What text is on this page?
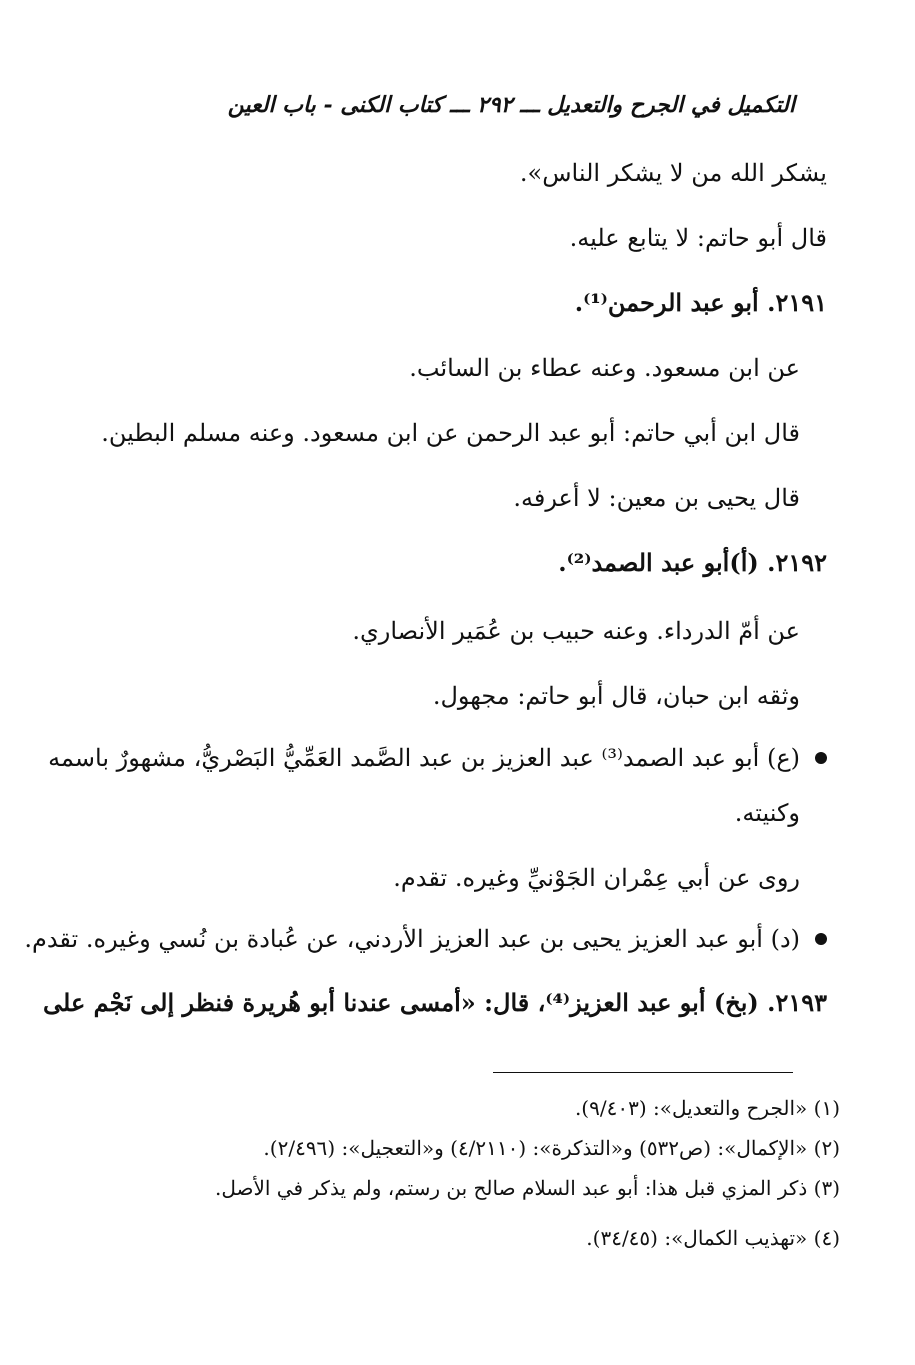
التكميل في الجرح والتعديل ـــ ٢٩٢ ـــ كتاب الكنى - باب العين
يشكر الله من لا يشكر الناس».
قال أبو حاتم: لا يتابع عليه.
٢١٩١. أبو عبد الرحمن⁽¹⁾.
عن ابن مسعود. وعنه عطاء بن السائب.
قال ابن أبي حاتم: أبو عبد الرحمن عن ابن مسعود. وعنه مسلم البطين.
قال يحيى بن معين: لا أعرفه.
٢١٩٢. (أ)أبو عبد الصمد⁽²⁾.
عن أمّ الدرداء. وعنه حبيب بن عُمَير الأنصاري.
وثقه ابن حبان، قال أبو حاتم: مجهول.
(ع) أبو عبد الصمد⁽³⁾ عبد العزيز بن عبد الصَّمد العَمِّيُّ البَصْريُّ، مشهورٌ باسمه
وكنيته.
روى عن أبي عِمْران الجَوْنيِّ وغيره. تقدم.
(د) أبو عبد العزيز يحيى بن عبد العزيز الأردني، عن عُبادة بن نُسي وغيره. تقدم.
٢١٩٣. (بخ) أبو عبد العزيز⁽⁴⁾، قال: «أمسى عندنا أبو هُريرة فنظر إلى نَجْم على
(١) «الجرح والتعديل»: (٩/٤٠٣).
(٢) «الإكمال»: (ص٥٣٢) و«التذكرة»: (٤/٢١١٠) و«التعجيل»: (٢/٤٩٦).
(٣) ذكر المزي قبل هذا: أبو عبد السلام صالح بن رستم، ولم يذكر في الأصل.
(٤) «تهذيب الكمال»: (٣٤/٤٥).
